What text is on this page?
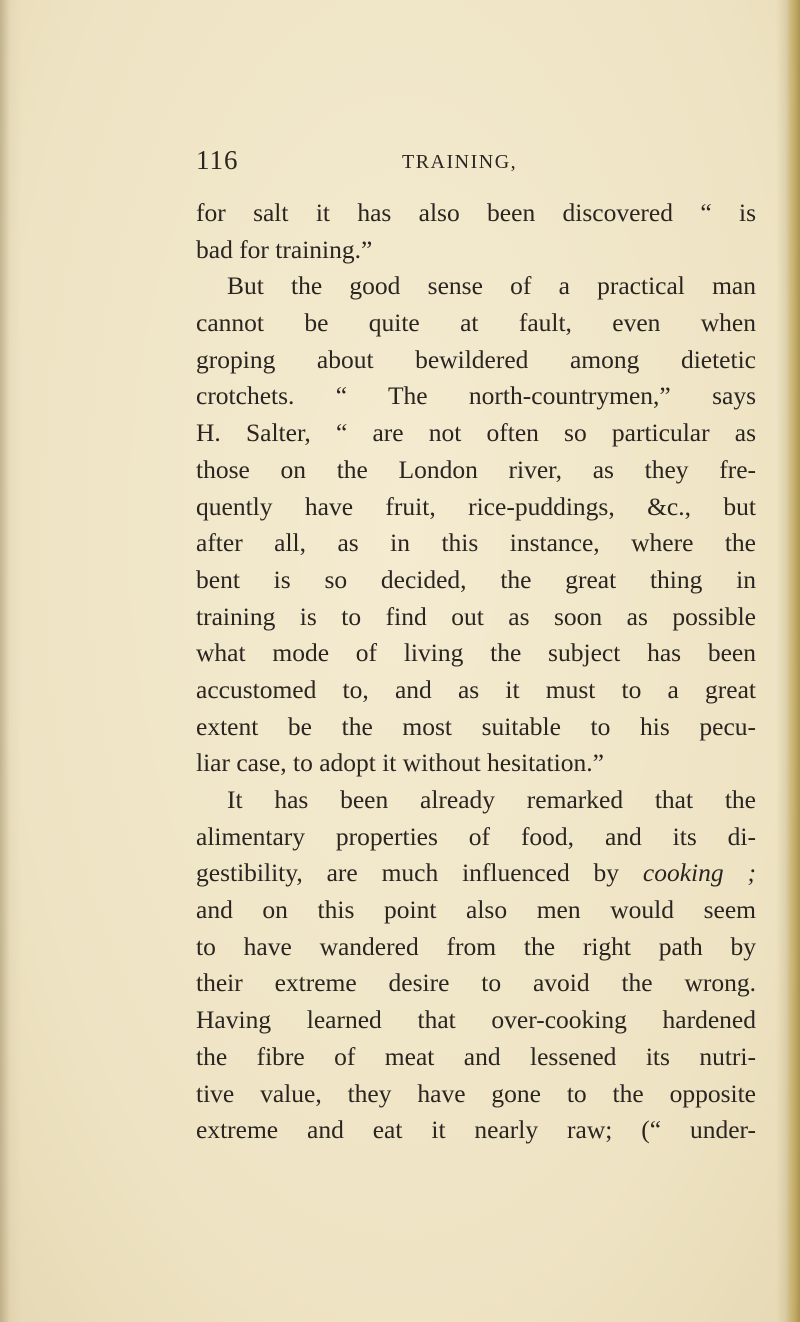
116	TRAINING,
for salt it has also been discovered “ is
bad for training.”
But the good sense of a practical man
cannot be quite at fault, even when
groping about bewildered among dietetic
crotchets. “ The north-countrymen,” says
H. Salter, “ are not often so particular as
those on the London river, as they fre-
quently have fruit, rice-puddings, &c., but
after all, as in this instance, where the
bent is so decided, the great thing in
training is to find out as soon as possible
what mode of living the subject has been
accustomed to, and as it must to a great
extent be the most suitable to his pecu-
liar case, to adopt it without hesitation.”
It has been already remarked that the
alimentary properties of food, and its di-
gestibility, are much influenced by cooking ;
and on this point also men would seem
to have wandered from the right path by
their extreme desire to avoid the wrong.
Having learned that over-cooking hardened
the fibre of meat and lessened its nutri-
tive value, they have gone to the opposite
extreme and eat it nearly raw; (“ under-
